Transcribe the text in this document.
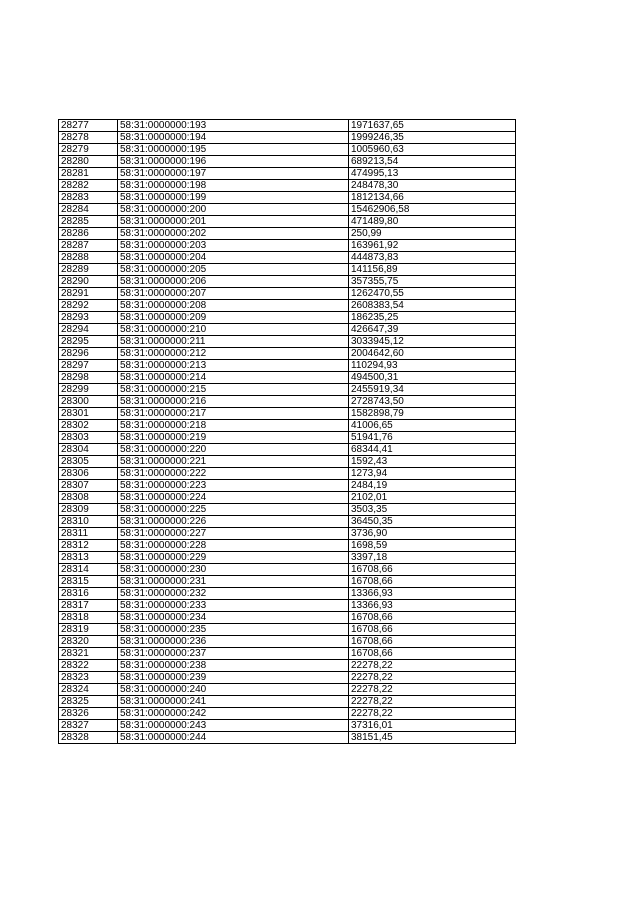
28277	58:31:0000000:193	1971637,65
28278	58:31:0000000:194	1999246,35
28279	58:31:0000000:195	1005960,63
28280	58:31:0000000:196	689213,54
28281	58:31:0000000:197	474995,13
28282	58:31:0000000:198	248478,30
28283	58:31:0000000:199	1812134,66
28284	58:31:0000000:200	15462906,58
28285	58:31:0000000:201	471489,80
28286	58:31:0000000:202	250,99
28287	58:31:0000000:203	163961,92
28288	58:31:0000000:204	444873,83
28289	58:31:0000000:205	141156,89
28290	58:31:0000000:206	357355,75
28291	58:31:0000000:207	1262470,55
28292	58:31:0000000:208	2608383,54
28293	58:31:0000000:209	186235,25
28294	58:31:0000000:210	426647,39
28295	58:31:0000000:211	3033945,12
28296	58:31:0000000:212	2004642,60
28297	58:31:0000000:213	110294,93
28298	58:31:0000000:214	494500,31
28299	58:31:0000000:215	2455919,34
28300	58:31:0000000:216	2728743,50
28301	58:31:0000000:217	1582898,79
28302	58:31:0000000:218	41006,65
28303	58:31:0000000:219	51941,76
28304	58:31:0000000:220	68344,41
28305	58:31:0000000:221	1592,43
28306	58:31:0000000:222	1273,94
28307	58:31:0000000:223	2484,19
28308	58:31:0000000:224	2102,01
28309	58:31:0000000:225	3503,35
28310	58:31:0000000:226	36450,35
28311	58:31:0000000:227	3736,90
28312	58:31:0000000:228	1698,59
28313	58:31:0000000:229	3397,18
28314	58:31:0000000:230	16708,66
28315	58:31:0000000:231	16708,66
28316	58:31:0000000:232	13366,93
28317	58:31:0000000:233	13366,93
28318	58:31:0000000:234	16708,66
28319	58:31:0000000:235	16708,66
28320	58:31:0000000:236	16708,66
28321	58:31:0000000:237	16708,66
28322	58:31:0000000:238	22278,22
28323	58:31:0000000:239	22278,22
28324	58:31:0000000:240	22278,22
28325	58:31:0000000:241	22278,22
28326	58:31:0000000:242	22278,22
28327	58:31:0000000:243	37316,01
28328	58:31:0000000:244	38151,45
